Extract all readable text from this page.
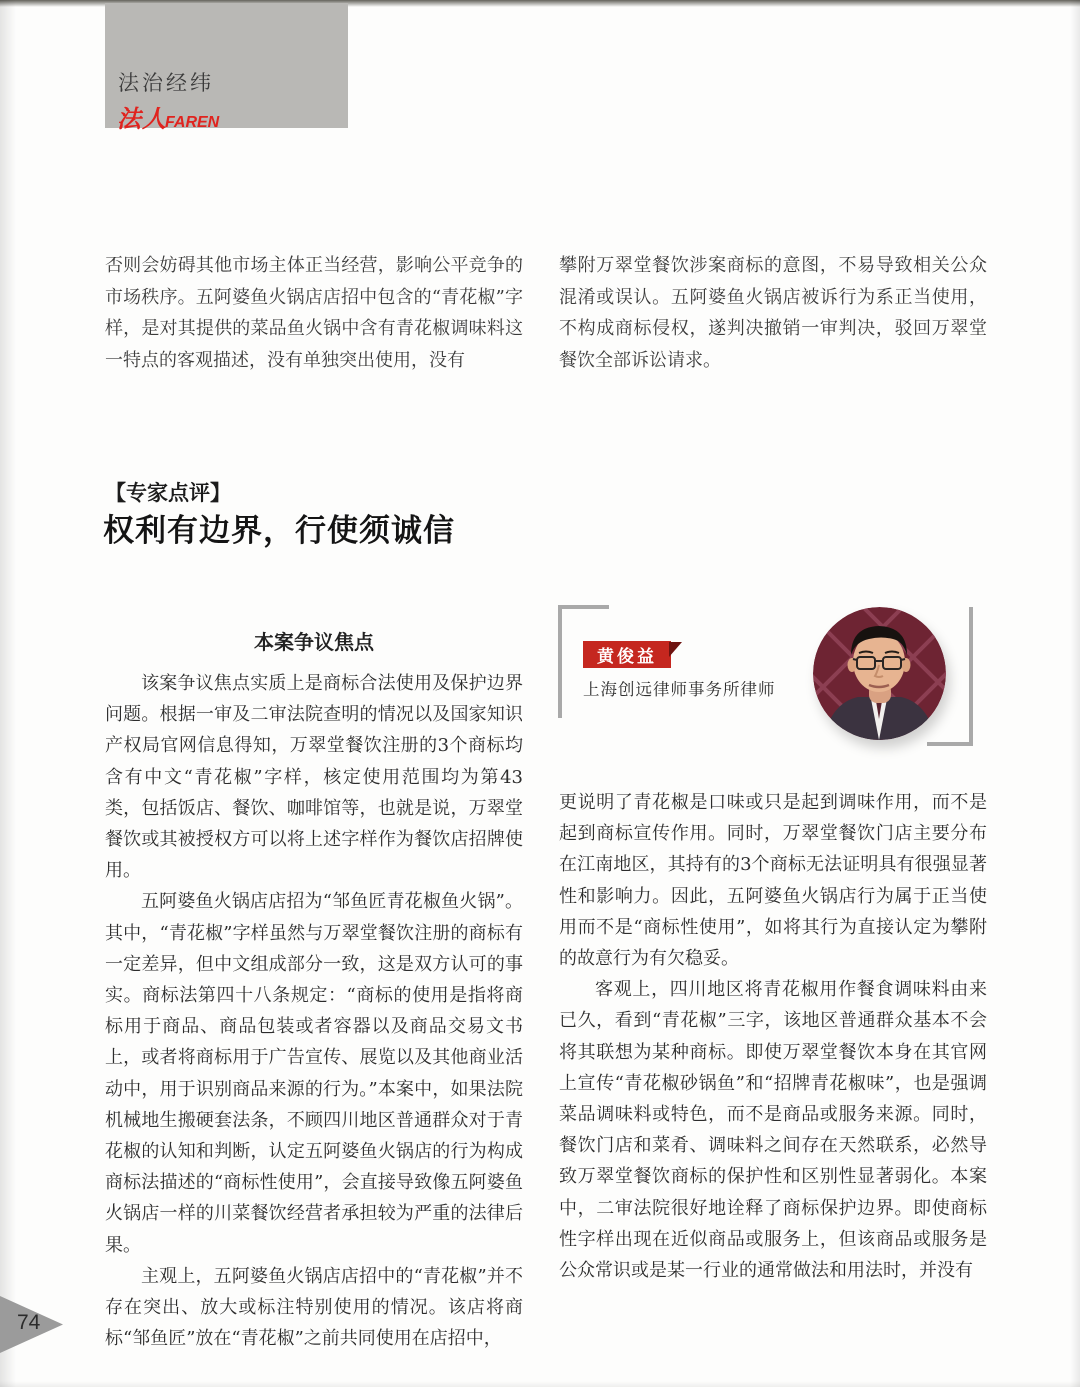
法治经纬
法人FAREN
否则会妨碍其他市场主体正当经营，影响公平竞争的市场秩序。五阿婆鱼火锅店店招中包含的“青花椒”字样，是对其提供的菜品鱼火锅中含有青花椒调味料这一特点的客观描述，没有单独突出使用，没有
攀附万翠堂餐饮涉案商标的意图，不易导致相关公众混淆或误认。五阿婆鱼火锅店被诉行为系正当使用，不构成商标侵权，遂判决撤销一审判决，驳回万翠堂餐饮全部诉讼请求。
【专家点评】
权利有边界，行使须诚信
黄俊益
上海创远律师事务所律师
本案争议焦点

该案争议焦点实质上是商标合法使用及保护边界问题。根据一审及二审法院查明的情况以及国家知识产权局官网信息得知，万翠堂餐饮注册的3个商标均含有中文“青花椒”字样，核定使用范围均为第43类，包括饭店、餐饮、咖啡馆等，也就是说，万翠堂餐饮或其被授权方可以将上述字样作为餐饮店招牌使用。

五阿婆鱼火锅店店招为“邹鱼匠青花椒鱼火锅”。其中，“青花椒”字样虽然与万翠堂餐饮注册的商标有一定差异，但中文组成部分一致，这是双方认可的事实。商标法第四十八条规定：“商标的使用是指将商标用于商品、商品包装或者容器以及商品交易文书上，或者将商标用于广告宣传、展览以及其他商业活动中，用于识别商品来源的行为。”本案中，如果法院机械地生搬硬套法条，不顾四川地区普通群众对于青花椒的认知和判断，认定五阿婆鱼火锅店的行为构成商标法描述的“商标性使用”，会直接导致像五阿婆鱼火锅店一样的川菜餐饮经营者承担较为严重的法律后果。

主观上，五阿婆鱼火锅店店招中的“青花椒”并不存在突出、放大或标注特别使用的情况。该店将商标“邹鱼匠”放在“青花椒”之前共同使用在店招中，

更说明了青花椒是口味或只是起到调味作用，而不是起到商标宣传作用。同时，万翠堂餐饮门店主要分布在江南地区，其持有的3个商标无法证明具有很强显著性和影响力。因此，五阿婆鱼火锅店行为属于正当使用而不是“商标性使用”，如将其行为直接认定为攀附的故意行为有欠稳妥。

客观上，四川地区将青花椒用作餐食调味料由来已久，看到“青花椒”三字，该地区普通群众基本不会将其联想为某种商标。即使万翠堂餐饮本身在其官网上宣传“青花椒砂锅鱼”和“招牌青花椒味”，也是强调菜品调味料或特色，而不是商品或服务来源。同时，餐饮门店和菜肴、调味料之间存在天然联系，必然导致万翠堂餐饮商标的保护性和区别性显著弱化。本案中，二审法院很好地诠释了商标保护边界。即使商标性字样出现在近似商品或服务上，但该商品或服务是公众常识或是某一行业的通常做法和用法时，并没有

74
